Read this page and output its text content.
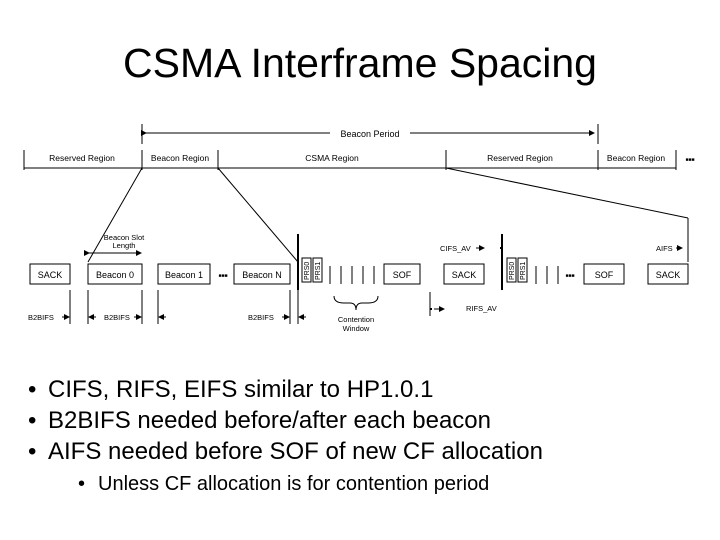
CSMA Interframe Spacing
Beacon Period
Reserved Region	Beacon Region	CSMA Region	Reserved Region	Beacon Region	■■■
Beacon Slot
Length
SACK	Beacon 0	Beacon 1	Beacon N	SOF	SACK	SOF	SACK
■■■	■■■
PRS0 PRS1	PRS0 PRS1
Contention
Window
CIFS_AV	AIFS
RIFS_AV
B2BIFS	B2BIFS	B2BIFS
• CIFS, RIFS, EIFS similar to HP1.0.1
• B2BIFS needed before/after each beacon
• AIFS needed before SOF of new CF allocation
• Unless CF allocation is for contention period
